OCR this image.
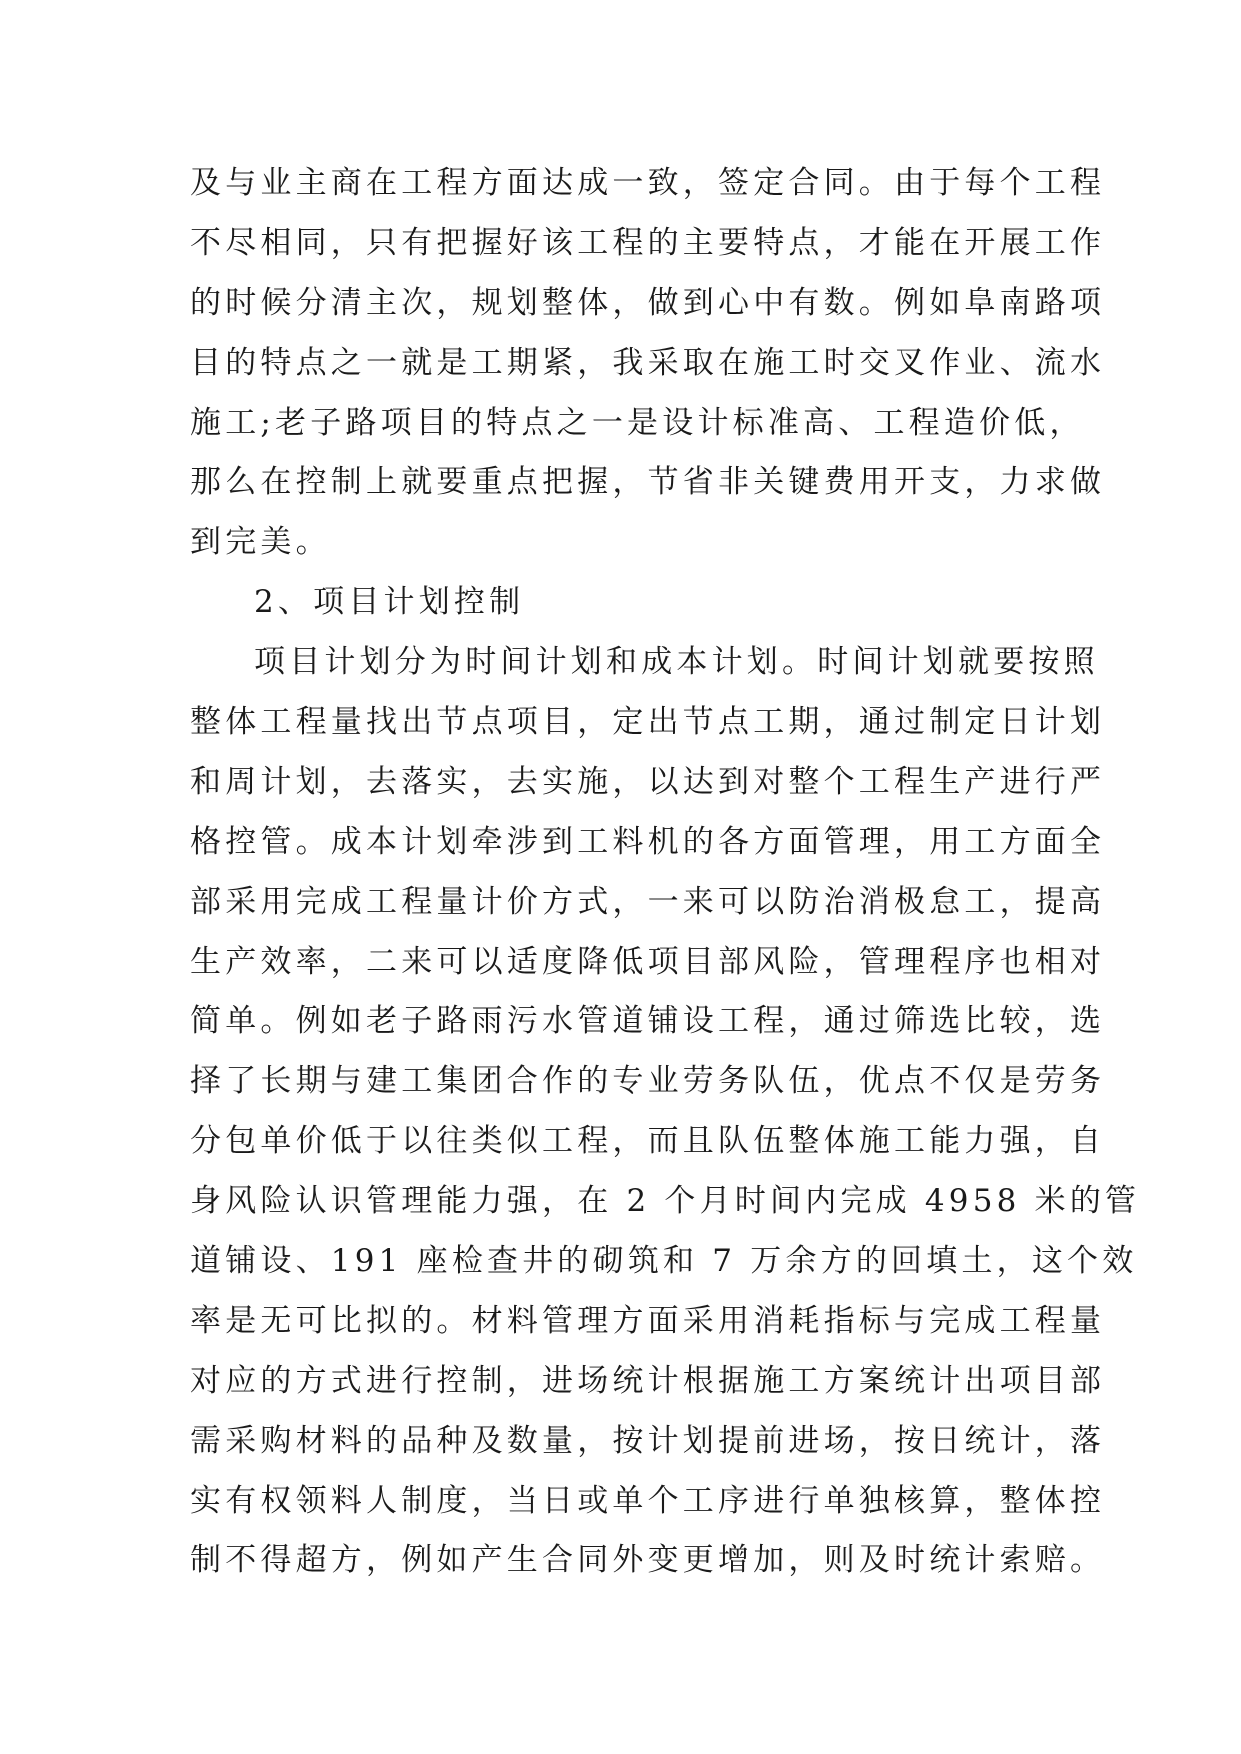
及与业主商在工程方面达成一致，签定合同。由于每个工程
不尽相同，只有把握好该工程的主要特点，才能在开展工作
的时候分清主次，规划整体，做到心中有数。例如阜南路项
目的特点之一就是工期紧，我采取在施工时交叉作业、流水
施工;老子路项目的特点之一是设计标准高、工程造价低，
那么在控制上就要重点把握，节省非关键费用开支，力求做
到完美。
2、项目计划控制
项目计划分为时间计划和成本计划。时间计划就要按照
整体工程量找出节点项目，定出节点工期，通过制定日计划
和周计划，去落实，去实施，以达到对整个工程生产进行严
格控管。成本计划牵涉到工料机的各方面管理，用工方面全
部采用完成工程量计价方式，一来可以防治消极怠工，提高
生产效率，二来可以适度降低项目部风险，管理程序也相对
简单。例如老子路雨污水管道铺设工程，通过筛选比较，选
择了长期与建工集团合作的专业劳务队伍，优点不仅是劳务
分包单价低于以往类似工程，而且队伍整体施工能力强，自
身风险认识管理能力强，在 2 个月时间内完成 4958 米的管
道铺设、191 座检查井的砌筑和 7 万余方的回填土，这个效
率是无可比拟的。材料管理方面采用消耗指标与完成工程量
对应的方式进行控制，进场统计根据施工方案统计出项目部
需采购材料的品种及数量，按计划提前进场，按日统计，落
实有权领料人制度，当日或单个工序进行单独核算，整体控
制不得超方，例如产生合同外变更增加，则及时统计索赔。
